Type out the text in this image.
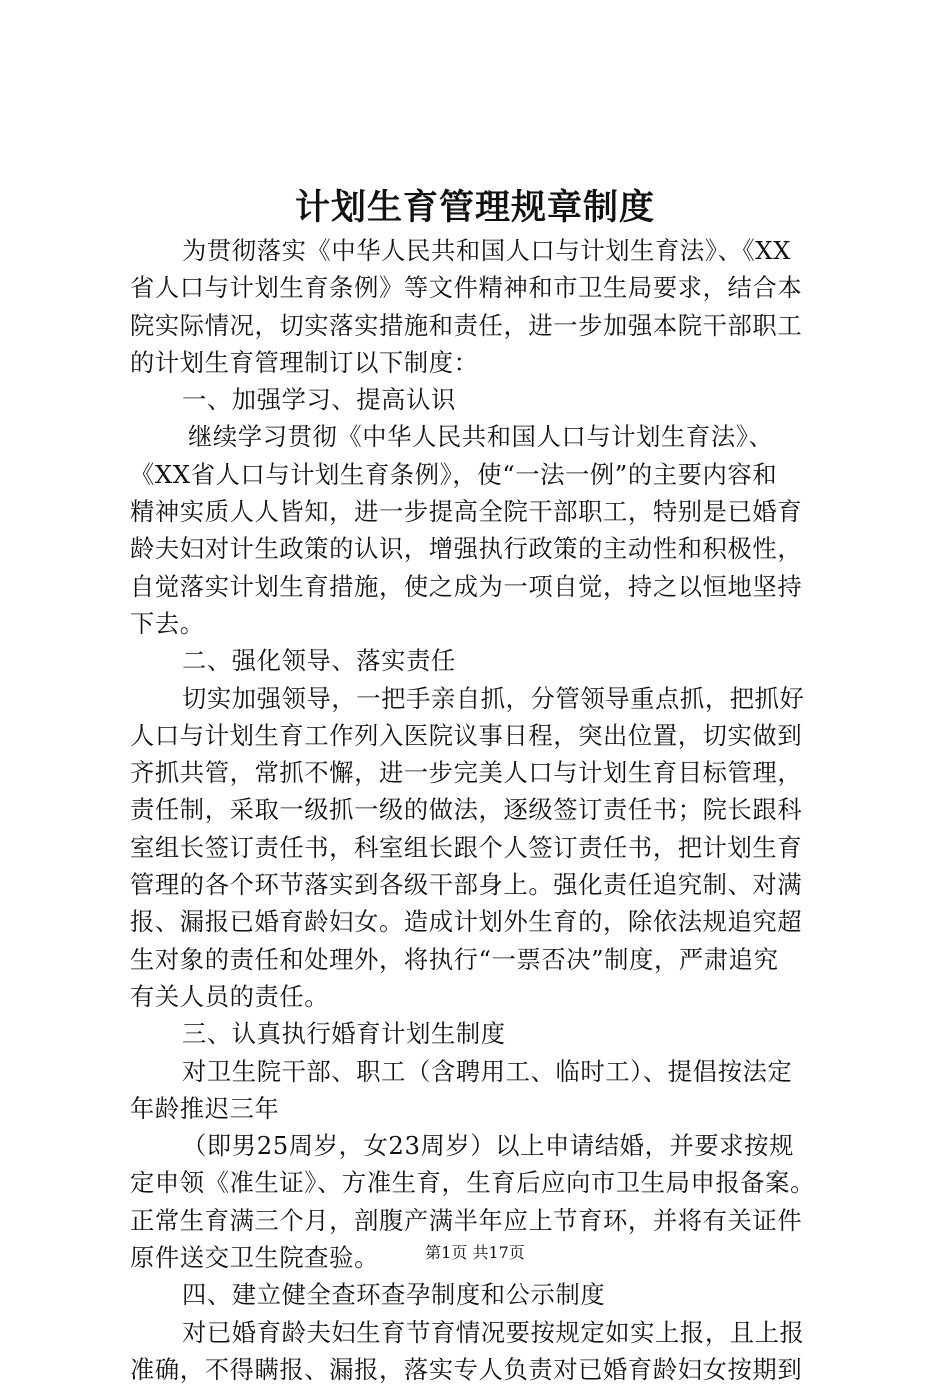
计划生育管理规章制度
为贯彻落实《中华人民共和国人口与计划生育法》、《XX
省人口与计划生育条例》等文件精神和市卫生局要求，结合本
院实际情况，切实落实措施和责任，进一步加强本院干部职工
的计划生育管理制订以下制度：
一、加强学习、提高认识
继续学习贯彻《中华人民共和国人口与计划生育法》、
《XX省人口与计划生育条例》，使“一法一例”的主要内容和
精神实质人人皆知，进一步提高全院干部职工，特别是已婚育
龄夫妇对计生政策的认识，增强执行政策的主动性和积极性，
自觉落实计划生育措施，使之成为一项自觉，持之以恒地坚持
下去。
二、强化领导、落实责任
切实加强领导，一把手亲自抓，分管领导重点抓，把抓好
人口与计划生育工作列入医院议事日程，突出位置，切实做到
齐抓共管，常抓不懈，进一步完美人口与计划生育目标管理，
责任制，采取一级抓一级的做法，逐级签订责任书；院长跟科
室组长签订责任书，科室组长跟个人签订责任书，把计划生育
管理的各个环节落实到各级干部身上。强化责任追究制、对满
报、漏报已婚育龄妇女。造成计划外生育的，除依法规追究超
生对象的责任和处理外，将执行“一票否决”制度，严肃追究
有关人员的责任。
三、认真执行婚育计划生制度
对卫生院干部、职工（含聘用工、临时工）、提倡按法定
年龄推迟三年
（即男25周岁，女23周岁）以上申请结婚，并要求按规
定申领《准生证》、方准生育，生育后应向市卫生局申报备案。
正常生育满三个月，剖腹产满半年应上节育环，并将有关证件
原件送交卫生院查验。
四、建立健全查环查孕制度和公示制度
对已婚育龄夫妇生育节育情况要按规定如实上报，且上报
准确，不得瞒报、漏报，落实专人负责对已婚育龄妇女按期到
第1页 共17页
